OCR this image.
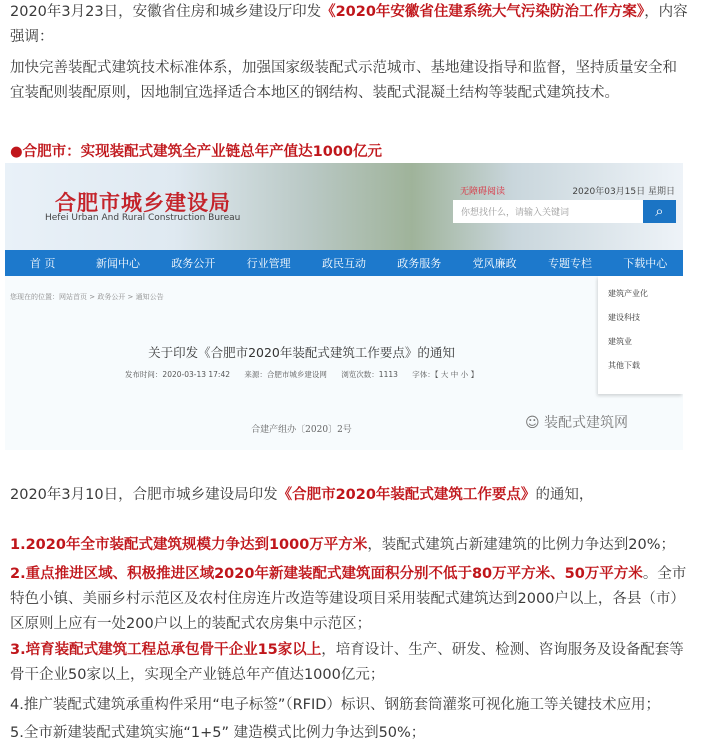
2020年3月23日，安徽省住房和城乡建设厅印发《2020年安徽省住建系统大气污染防治工作方案》，内容强调：
加快完善装配式建筑技术标准体系，加强国家级装配式示范城市、基地建设指导和监督，坚持质量安全和宜装配则装配原则，因地制宜选择适合本地区的钢结构、装配式混凝土结构等装配式建筑技术。
●合肥市：实现装配式建筑全产业链总年产值达1000亿元
合肥市城乡建设局
Hefei Urban And Rural Construction Bureau
无障碍阅读	2020年03月15日 星期日
你想找什么，请输入关键词	⌕
首 页	新闻中心	政务公开	行业管理	政民互动	政务服务	党风廉政	专题专栏	下载中心
您现在的位置：网站首页 > 政务公开 > 通知公告	建筑产业化
建设科技
建筑业
其他下载
关于印发《合肥市2020年装配式建筑工作要点》的通知
发布时间：2020-03-13 17:42 来源：合肥市城乡建设网 浏览次数：1113 字体：【 大 中 小 】
合建产组办〔2020〕2号	☺ 装配式建筑网
2020年3月10日，合肥市城乡建设局印发《合肥市2020年装配式建筑工作要点》的通知，
1.2020年全市装配式建筑规模力争达到1000万平方米，装配式建筑占新建建筑的比例力争达到20%；
2.重点推进区域、积极推进区域2020年新建装配式建筑面积分别不低于80万平方米、50万平方米。全市特色小镇、美丽乡村示范区及农村住房连片改造等建设项目采用装配式建筑达到2000户以上，各县（市）区原则上应有一处200户以上的装配式农房集中示范区；
3.培育装配式建筑工程总承包骨干企业15家以上，培育设计、生产、研发、检测、咨询服务及设备配套等骨干企业50家以上，实现全产业链总年产值达1000亿元；
4.推广装配式建筑承重构件采用“电子标签”（RFID）标识、钢筋套筒灌浆可视化施工等关键技术应用；
5.全市新建装配式建筑实施“1+5” 建造模式比例力争达到50%；
